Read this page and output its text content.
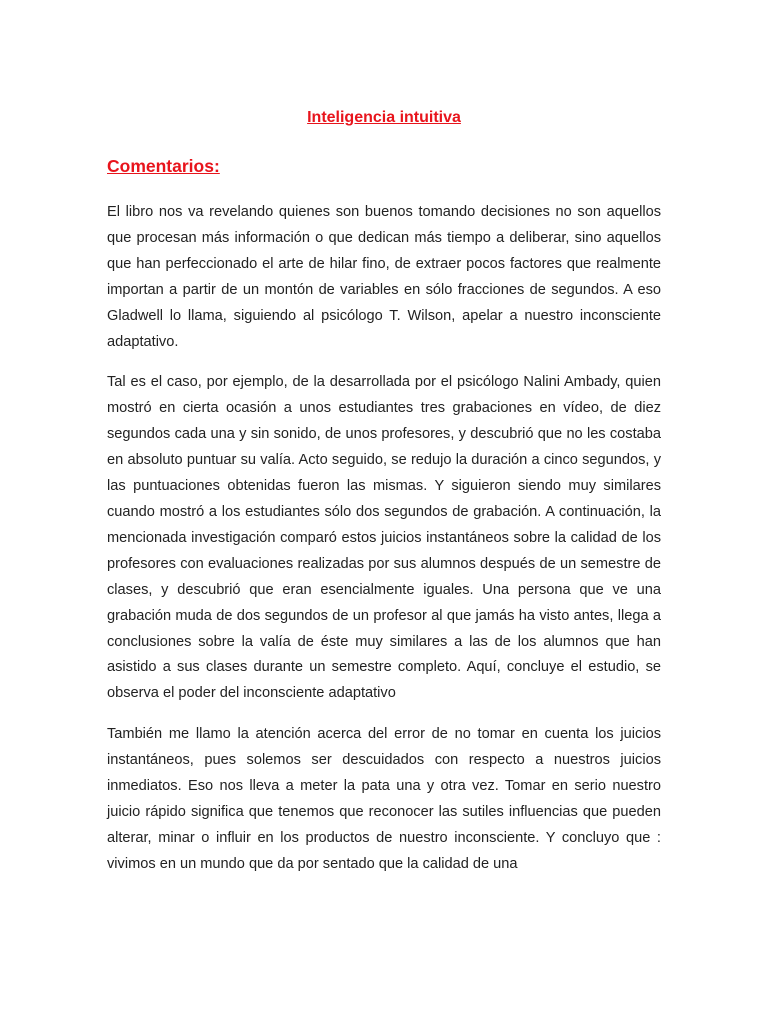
Inteligencia intuitiva
Comentarios:

El libro nos va revelando quienes son buenos tomando decisiones no son aquellos que procesan más información o que dedican más tiempo a deliberar, sino aquellos que han perfeccionado el arte de hilar fino, de extraer pocos factores que realmente importan a partir de un montón de variables en sólo fracciones de segundos. A eso Gladwell lo llama, siguiendo al psicólogo T. Wilson, apelar a nuestro inconsciente adaptativo.

Tal es el caso, por ejemplo, de la desarrollada por el psicólogo Nalini Ambady, quien mostró en cierta ocasión a unos estudiantes tres grabaciones en vídeo, de diez segundos cada una y sin sonido, de unos profesores, y descubrió que no les costaba en absoluto puntuar su valía. Acto seguido, se redujo la duración a cinco segundos, y las puntuaciones obtenidas fueron las mismas. Y siguieron siendo muy similares cuando mostró a los estudiantes sólo dos segundos de grabación. A continuación, la mencionada investigación comparó estos juicios instantáneos sobre la calidad de los profesores con evaluaciones realizadas por sus alumnos después de un semestre de clases, y descubrió que eran esencialmente iguales. Una persona que ve una grabación muda de dos segundos de un profesor al que jamás ha visto antes, llega a conclusiones sobre la valía de éste muy similares a las de los alumnos que han asistido a sus clases durante un semestre completo. Aquí, concluye el estudio, se observa el poder del inconsciente adaptativo

También me llamo la atención acerca del error de no tomar en cuenta los juicios instantáneos, pues solemos ser descuidados con respecto a nuestros juicios inmediatos. Eso nos lleva a meter la pata una y otra vez. Tomar en serio nuestro juicio rápido significa que tenemos que reconocer las sutiles influencias que pueden alterar, minar o influir en los productos de nuestro inconsciente. Y concluyo que : vivimos en un mundo que da por sentado que la calidad de una
